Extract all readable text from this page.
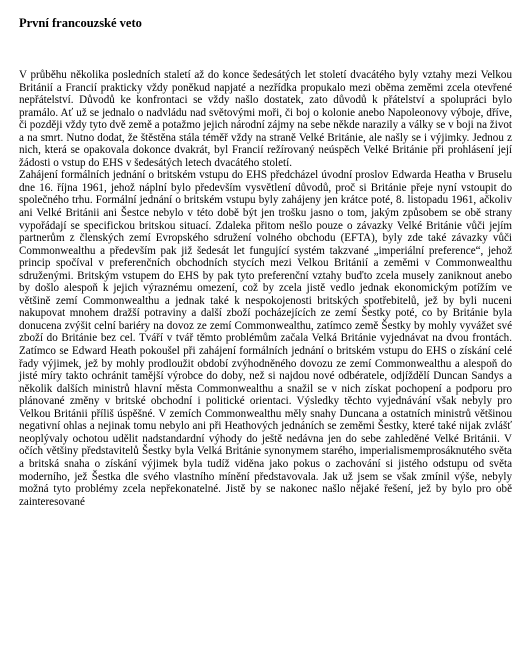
První francouzské veto

V průběhu několika posledních staletí až do konce šedesátých let století dvacátého byly vztahy mezi Velkou Británií a Francií prakticky vždy poněkud napjaté a nezřídka propukalo mezi oběma zeměmi zcela otevřené nepřátelství. Důvodů ke konfrontaci se vždy našlo dostatek, zato důvodů k přátelství a spolupráci bylo pramálo. Ať už se jednalo o nadvládu nad světovými moři, či boj o kolonie anebo Napoleonovy výboje, dříve, či později vždy tyto dvě země a potažmo jejich národní zájmy na sebe někde narazily a války se v boji na život a na smrt. Nutno dodat, že štěstěna stála téměř vždy na straně Velké Británie, ale našly se i výjimky. Jednou z nich, která se opakovala dokonce dvakrát, byl Francií režírovaný neúspěch Velké Británie při prohlásení její žádosti o vstup do EHS v šedesátých letech dvacátého století.

Zahájení formálních jednání o britském vstupu do EHS předcházel úvodní proslov Edwarda Heatha v Bruselu dne 16. října 1961, jehož náplní bylo především vysvětlení důvodů, proč si Británie přeje nyní vstoupit do společného trhu. Formální jednání o britském vstupu byly zahájeny jen krátce poté, 8. listopadu 1961, ačkoliv ani Velké Británii ani Šestce nebylo v této době být jen trošku jasno o tom, jakým způsobem se obě strany vypořádají se specifickou britskou situací. Zdaleka přitom nešlo pouze o závazky Velké Británie vůči jejím partnerům z členských zemí Evropského sdružení volného obchodu (EFTA), byly zde také závazky vůči Commonwealthu a především pak již šedesát let fungující systém takzvané „imperiální preference“, jehož princip spočíval v preferenčních obchodních stycích mezi Velkou Británií a zeměmi v Commonwealthu sdruženými. Britským vstupem do EHS by pak tyto preferenční vztahy buďto zcela musely zaniknout anebo by došlo alespoň k jejich výraznému omezení, což by zcela jistě vedlo jednak ekonomickým potížím ve většině zemí Commonwealthu a jednak také k nespokojenosti britských spotřebitelů, jež by byli nuceni nakupovat mnohem dražší potraviny a další zboží pocházejících ze zemí Šestky poté, co by Británie byla donucena zvýšit celní bariéry na dovoz ze zemí Commonwealthu, zatímco země Šestky by mohly vyvážet své zboží do Británie bez cel. Tváří v tvář těmto problémům začala Velká Británie vyjednávat na dvou frontách. Zatímco se Edward Heath pokoušel při zahájení formálních jednání o britském vstupu do EHS o získání celé řady výjimek, jež by mohly prodloužit období zvýhodněného dovozu ze zemí Commonwealthu a alespoň do jisté míry takto ochránit tamější výrobce do doby, než si najdou nové odbératele, odjíždělí Duncan Sandys a několik dalších ministrů hlavní města Commonwealthu a snažil se v nich získat pochopení a podporu pro plánované změny v britské obchodní i politické orientaci. Výsledky těchto vyjednávání však nebyly pro Velkou Británii příliš úspěšné. V zemích Commonwealthu měly snahy Duncana a ostatních ministrů většinou negativní ohlas a nejinak tomu nebylo ani při Heathových jednáních se zeměmi Šestky, které také nijak zvlášť neoplývaly ochotou udělit nadstandardní výhody do ještě nedávna jen do sebe zahleděné Velké Británii. V očích většiny představitelů Šestky byla Velká Británie synonymem starého, imperialismemprosáknutého světa a britská snaha o získání výjimek byla tudíž viděna jako pokus o zachování si jistého odstupu od světa moderního, jež Šestka dle svého vlastního mínění představovala. Jak už jsem se však zmínil výše, nebyly možná tyto problémy zcela nepřekonatelné. Jistě by se nakonec našlo nějaké řešení, jež by bylo pro obě zainteresované
